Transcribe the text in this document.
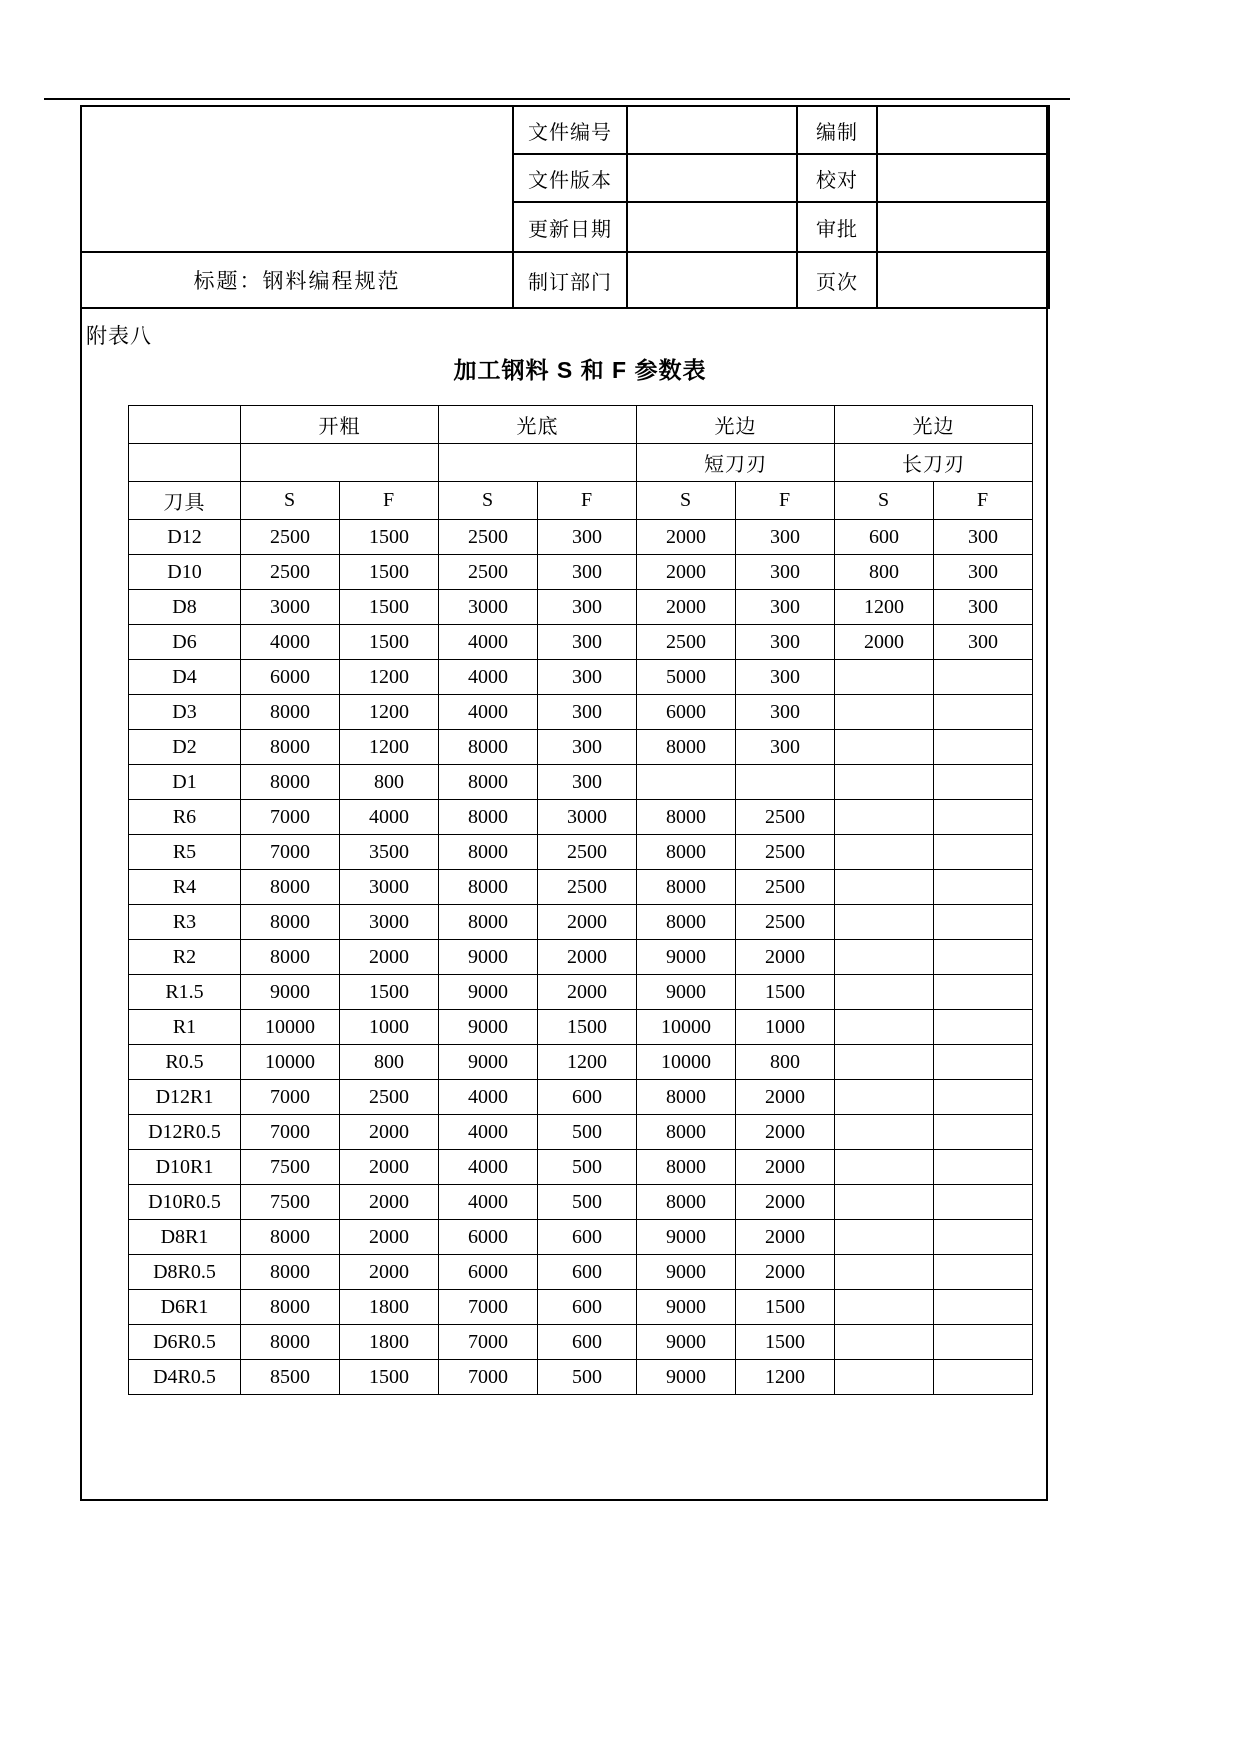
	文件编号		编制	
	文件版本		校对	
	更新日期		审批	
标题：钢料编程规范	制订部门		页次	
附表八
加工钢料 S 和 F 参数表
	开粗		光底		光边		光边	
					短刀刃		长刀刃	
刀具	S	F	S	F	S	F	S	F
D12	2500	1500	2500	300	2000	300	600	300
D10	2500	1500	2500	300	2000	300	800	300
D8	3000	1500	3000	300	2000	300	1200	300
D6	4000	1500	4000	300	2500	300	2000	300
D4	6000	1200	4000	300	5000	300		
D3	8000	1200	4000	300	6000	300		
D2	8000	1200	8000	300	8000	300		
D1	8000	800	8000	300				
R6	7000	4000	8000	3000	8000	2500		
R5	7000	3500	8000	2500	8000	2500		
R4	8000	3000	8000	2500	8000	2500		
R3	8000	3000	8000	2000	8000	2500		
R2	8000	2000	9000	2000	9000	2000		
R1.5	9000	1500	9000	2000	9000	1500		
R1	10000	1000	9000	1500	10000	1000		
R0.5	10000	800	9000	1200	10000	800		
D12R1	7000	2500	4000	600	8000	2000		
D12R0.5	7000	2000	4000	500	8000	2000		
D10R1	7500	2000	4000	500	8000	2000		
D10R0.5	7500	2000	4000	500	8000	2000		
D8R1	8000	2000	6000	600	9000	2000		
D8R0.5	8000	2000	6000	600	9000	2000		
D6R1	8000	1800	7000	600	9000	1500		
D6R0.5	8000	1800	7000	600	9000	1500		
D4R0.5	8500	1500	7000	500	9000	1200		
